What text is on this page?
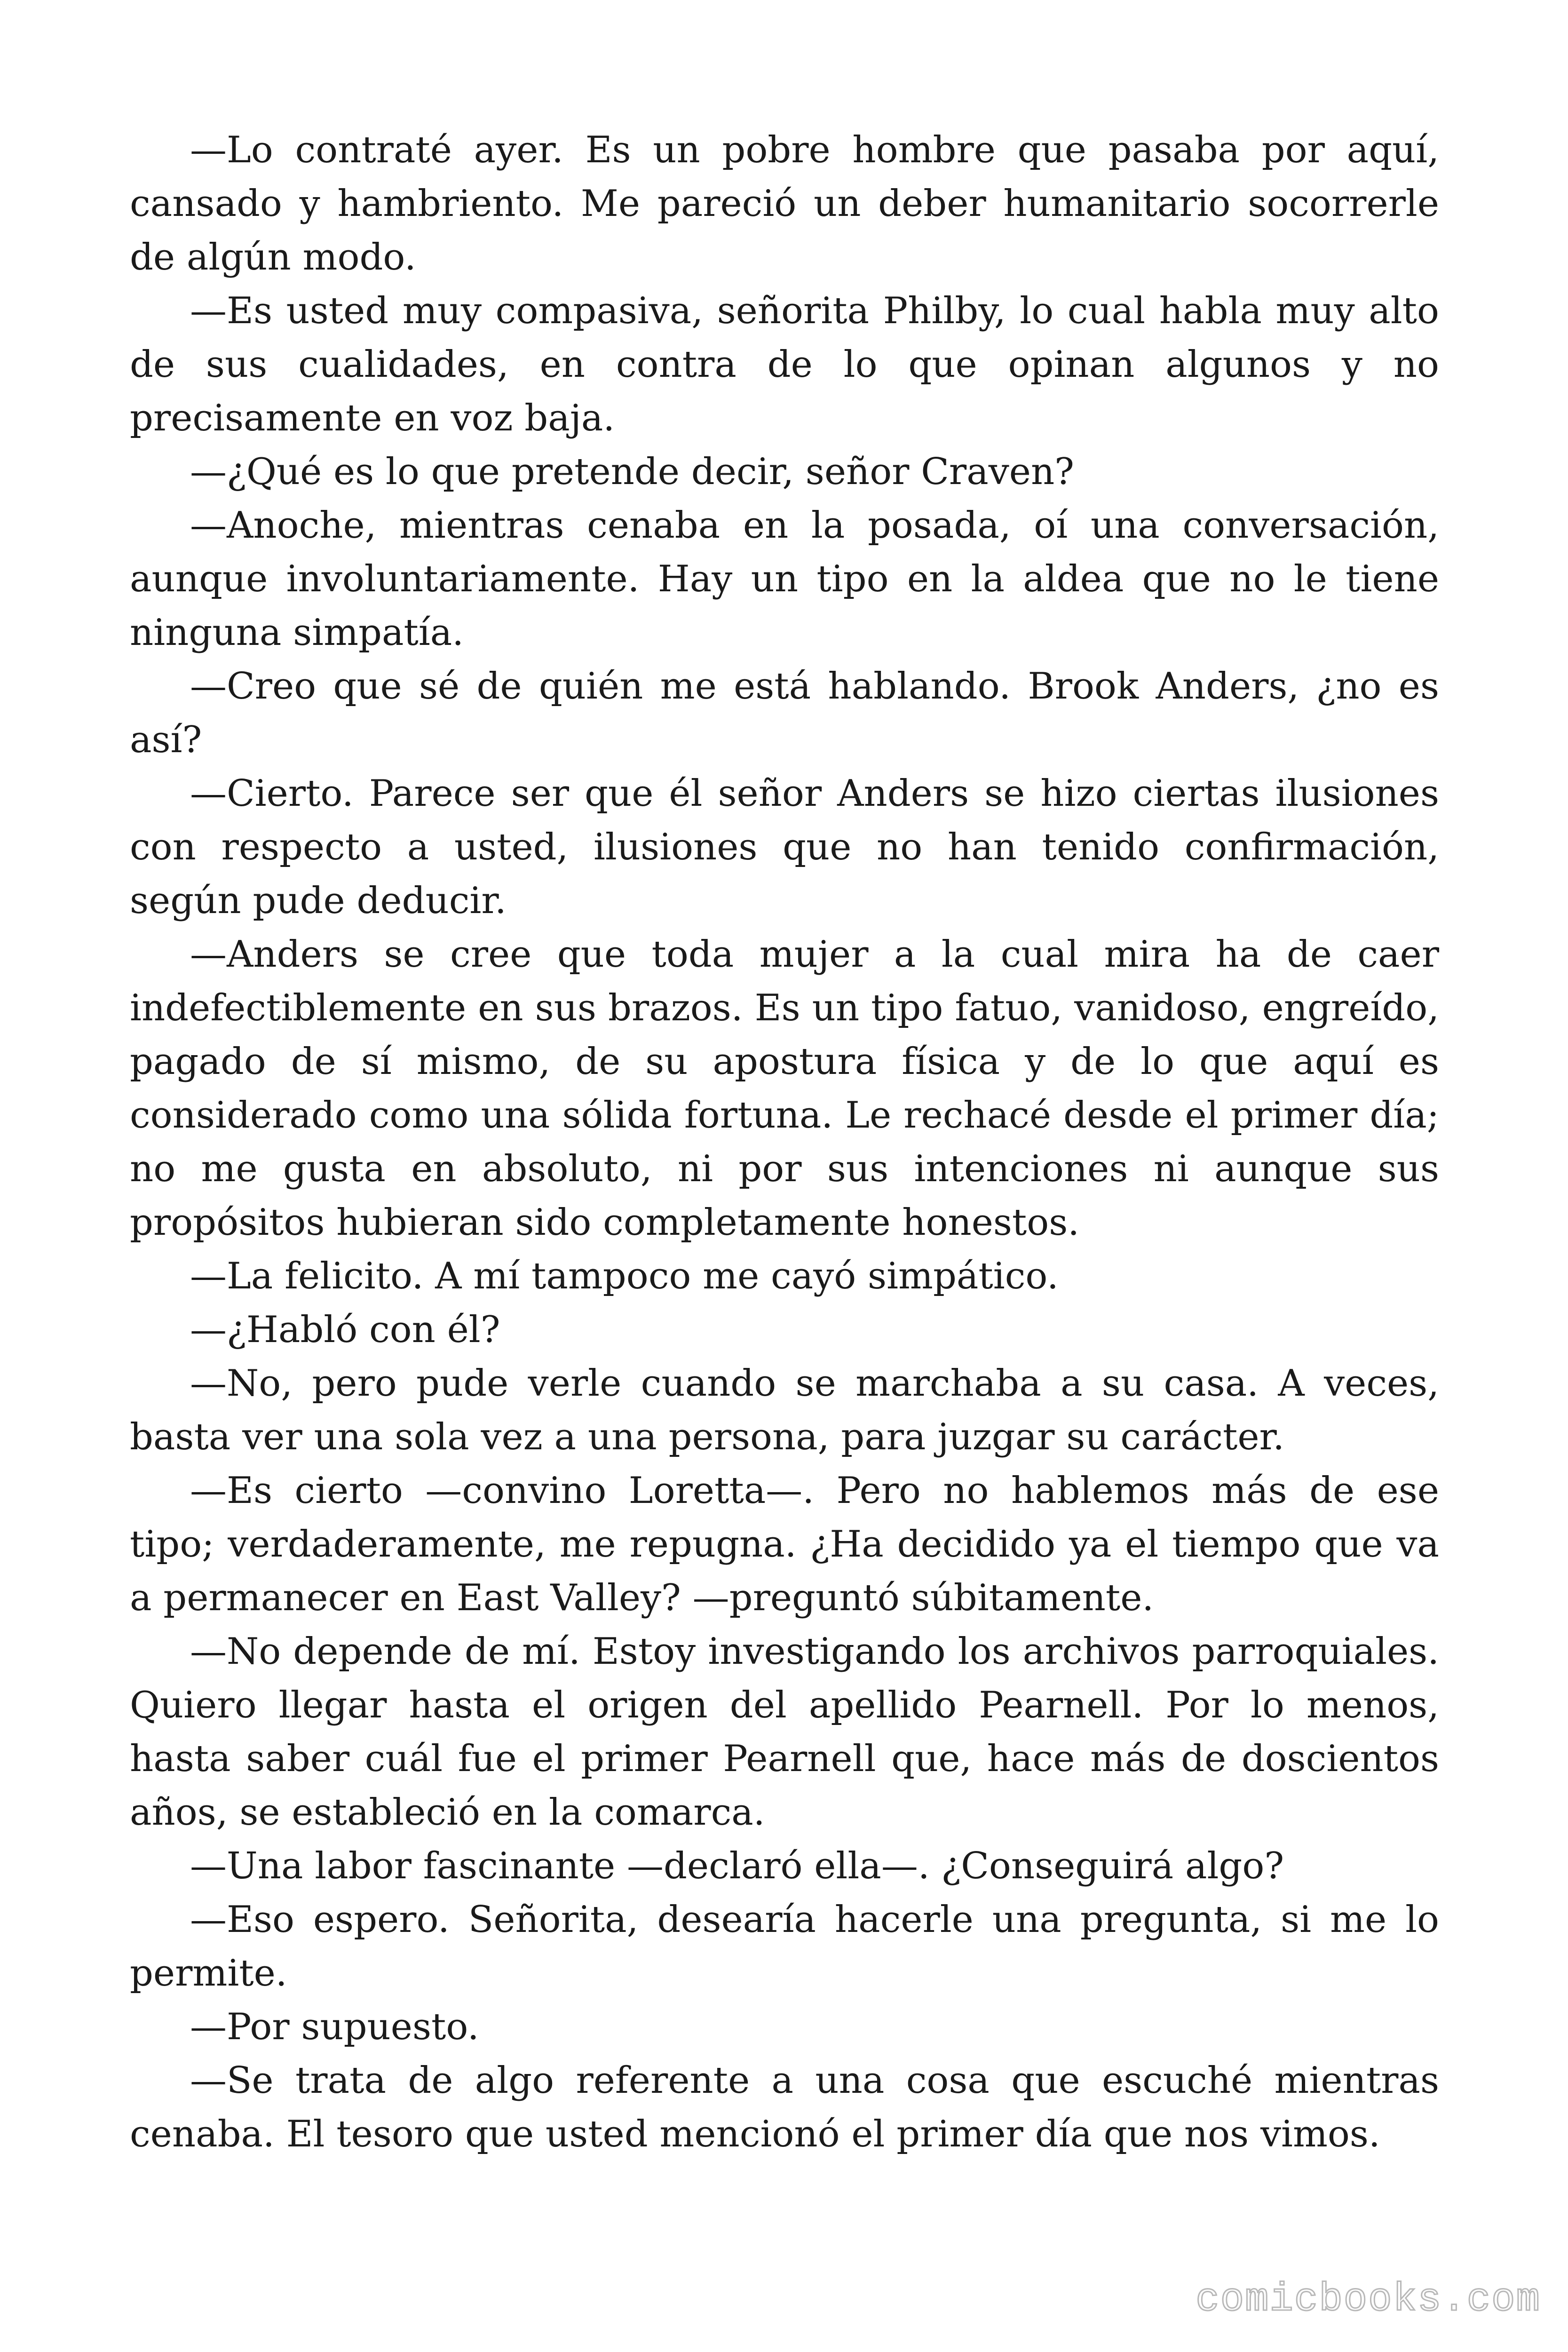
—Lo contraté ayer. Es un pobre hombre que pasaba por aquí, cansado y hambriento. Me pareció un deber humanitario socorrerle de algún modo.

—Es usted muy compasiva, señorita Philby, lo cual habla muy alto de sus cualidades, en contra de lo que opinan algunos y no precisamente en voz baja.

—¿Qué es lo que pretende decir, señor Craven?

—Anoche, mientras cenaba en la posada, oí una conversación, aunque involuntariamente. Hay un tipo en la aldea que no le tiene ninguna simpatía.

—Creo que sé de quién me está hablando. Brook Anders, ¿no es así?

—Cierto. Parece ser que él señor Anders se hizo ciertas ilusiones con respecto a usted, ilusiones que no han tenido confirmación, según pude deducir.

—Anders se cree que toda mujer a la cual mira ha de caer indefectiblemente en sus brazos. Es un tipo fatuo, vanidoso, engreído, pagado de sí mismo, de su apostura física y de lo que aquí es considerado como una sólida fortuna. Le rechacé desde el primer día; no me gusta en absoluto, ni por sus intenciones ni aunque sus propósitos hubieran sido completamente honestos.

—La felicito. A mí tampoco me cayó simpático.

—¿Habló con él?

—No, pero pude verle cuando se marchaba a su casa. A veces, basta ver una sola vez a una persona, para juzgar su carácter.

—Es cierto —convino Loretta—. Pero no hablemos más de ese tipo; verdaderamente, me repugna. ¿Ha decidido ya el tiempo que va a permanecer en East Valley? —preguntó súbitamente.

—No depende de mí. Estoy investigando los archivos parroquiales. Quiero llegar hasta el origen del apellido Pearnell. Por lo menos, hasta saber cuál fue el primer Pearnell que, hace más de doscientos años, se estableció en la comarca.

—Una labor fascinante —declaró ella—. ¿Conseguirá algo?

—Eso espero. Señorita, desearía hacerle una pregunta, si me lo permite.

—Por supuesto.

—Se trata de algo referente a una cosa que escuché mientras cenaba. El tesoro que usted mencionó el primer día que nos vimos.

comicbooks.com
